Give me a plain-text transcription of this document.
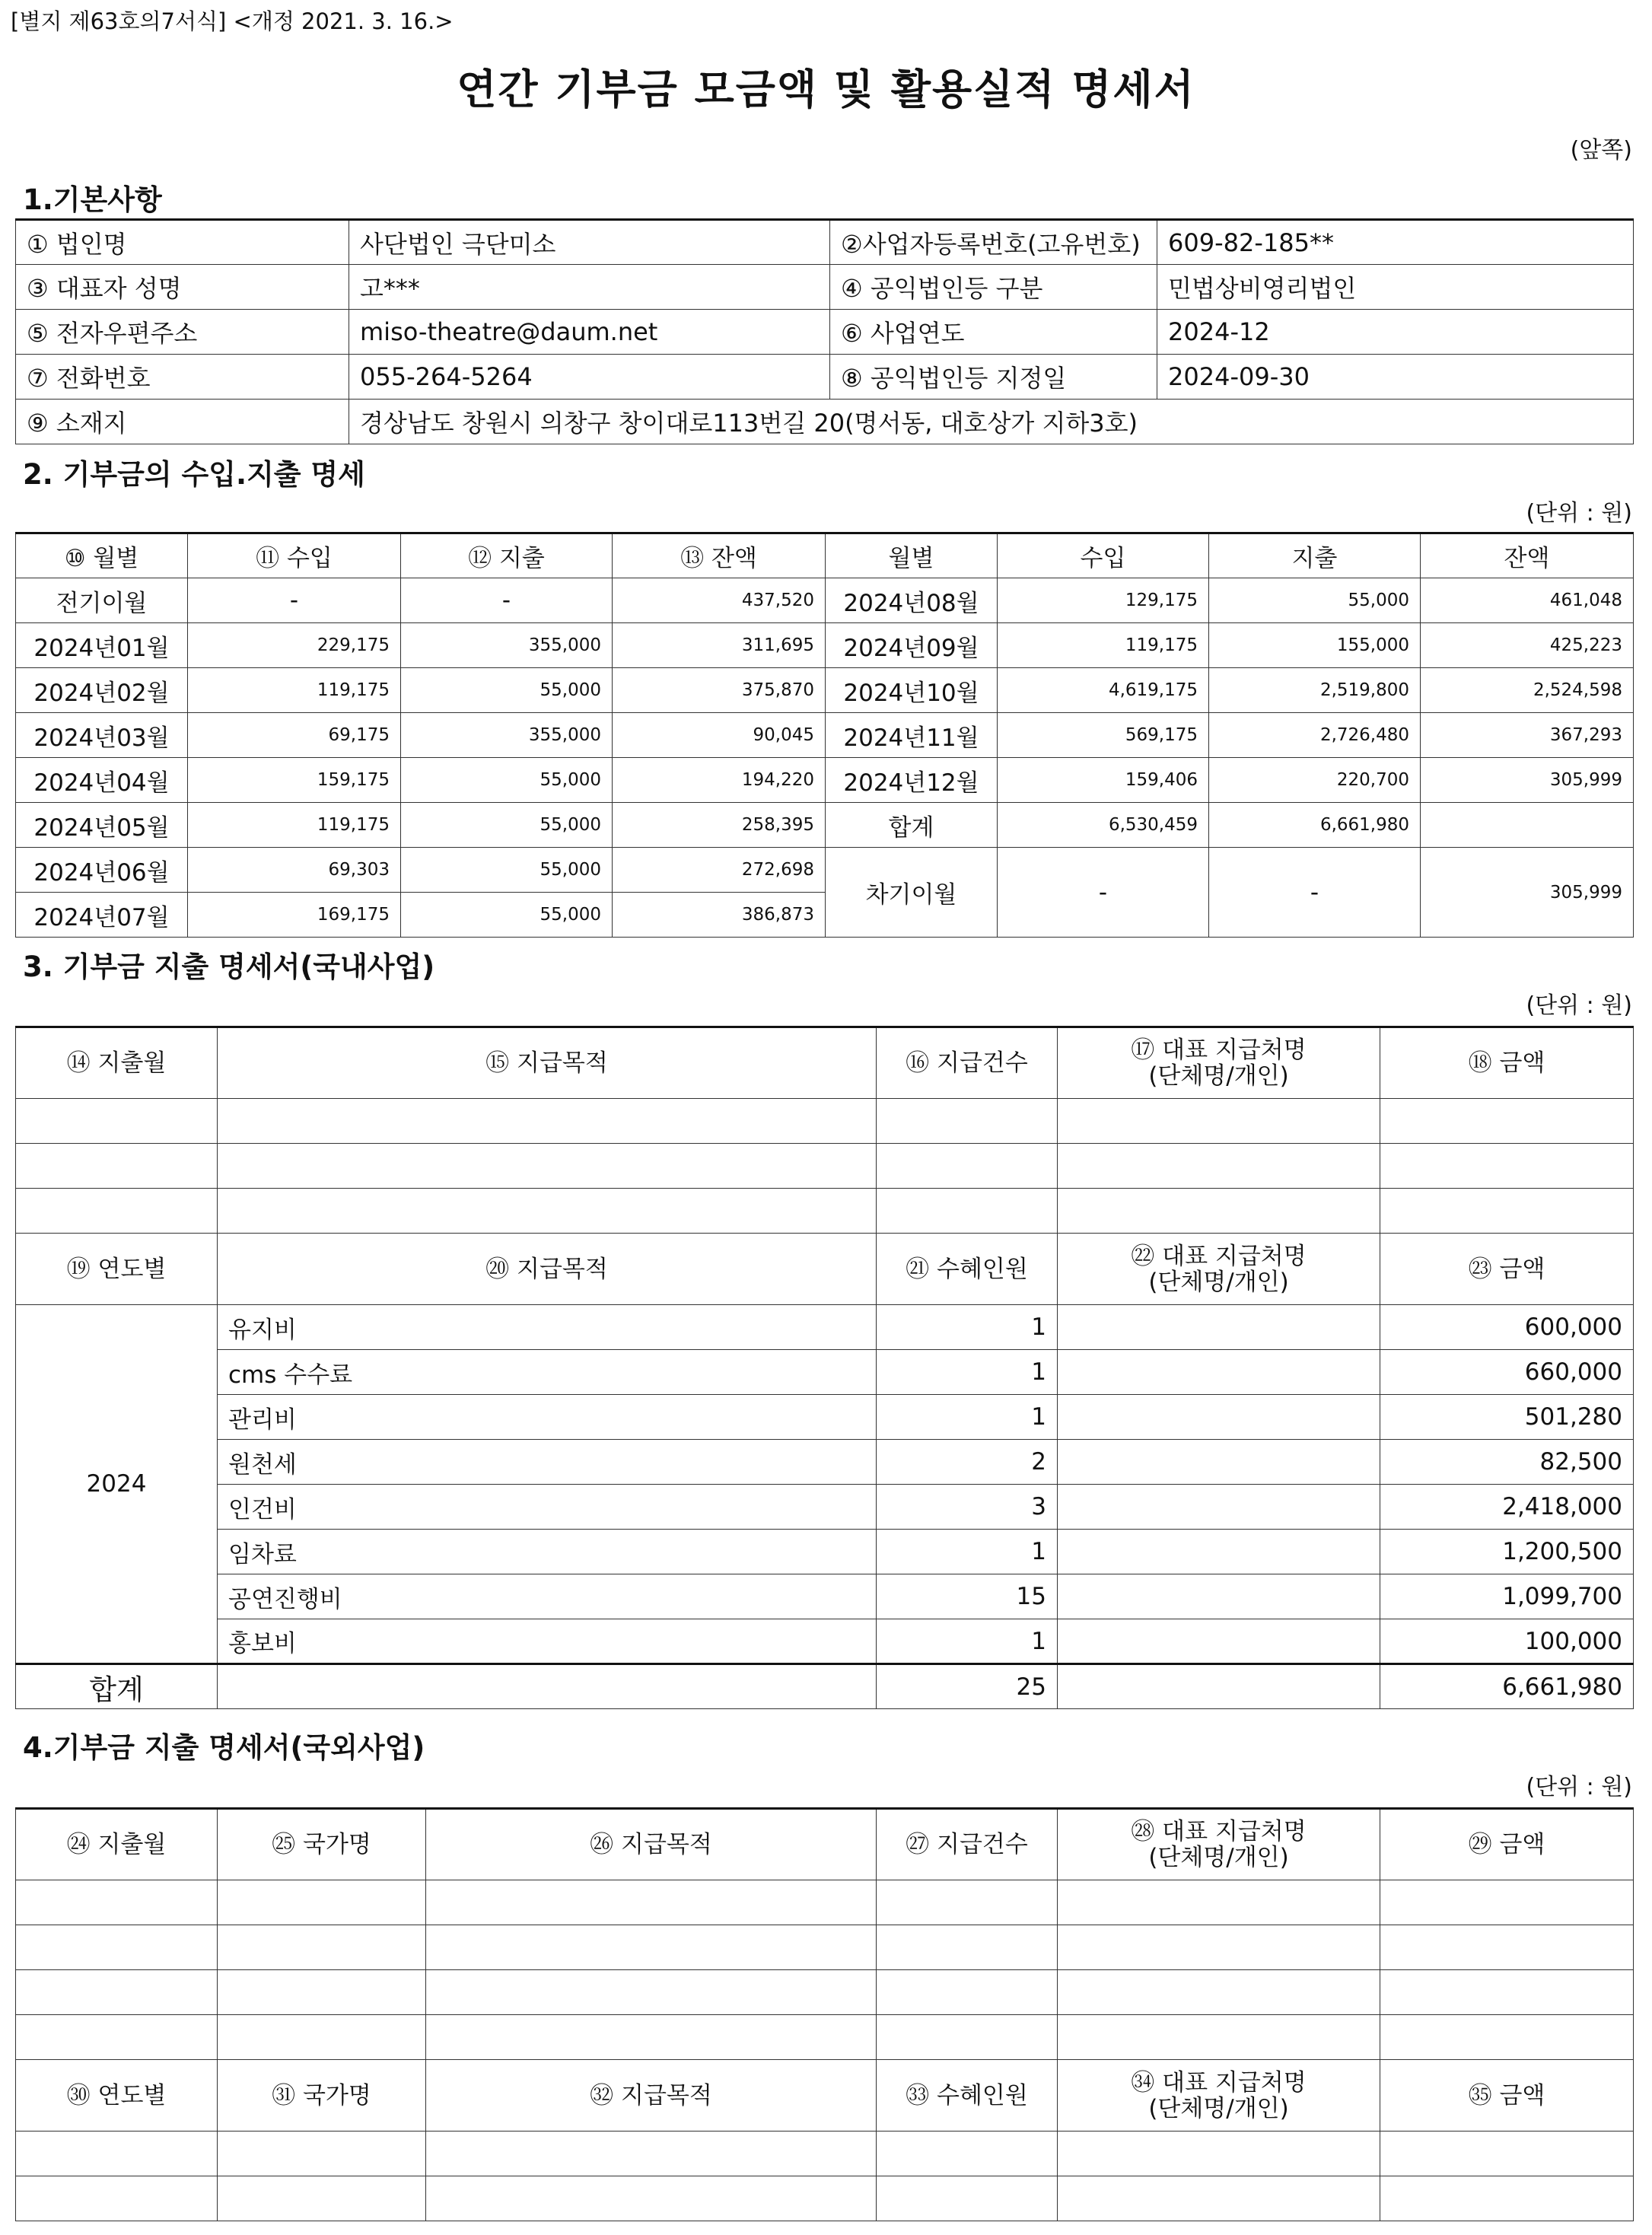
[별지 제63호의7서식] <개정 2021. 3. 16.>
연간 기부금 모금액 및 활용실적 명세서
(앞쪽)
1.기본사항
① 법인명	사단법인 극단미소	②사업자등록번호(고유번호)	609-82-185**
③ 대표자 성명	고***	④ 공익법인등 구분	민법상비영리법인
⑤ 전자우편주소	miso-theatre@daum.net	⑥ 사업연도	2024-12
⑦ 전화번호	055-264-5264	⑧ 공익법인등 지정일	2024-09-30
⑨ 소재지	경상남도 창원시 의창구 창이대로113번길 20(명서동, 대호상가 지하3호)		
2. 기부금의 수입.지출 명세
(단위 : 원)
⑩ 월별	⑪ 수입	⑫ 지출	⑬ 잔액	월별	수입	지출	잔액
전기이월	-	-	437,520	2024년08월	129,175	55,000	461,048
2024년01월	229,175	355,000	311,695	2024년09월	119,175	155,000	425,223
2024년02월	119,175	55,000	375,870	2024년10월	4,619,175	2,519,800	2,524,598
2024년03월	69,175	355,000	90,045	2024년11월	569,175	2,726,480	367,293
2024년04월	159,175	55,000	194,220	2024년12월	159,406	220,700	305,999
2024년05월	119,175	55,000	258,395	합계	6,530,459	6,661,980	
2024년06월	69,303	55,000	272,698	차기이월	-	-	305,999
2024년07월	169,175	55,000	386,873				
3. 기부금 지출 명세서(국내사업)
(단위 : 원)
⑭ 지출월	⑮ 지급목적	⑯ 지급건수	⑰ 대표 지급처명
(단체명/개인)	⑱ 금액

⑲ 연도별	⑳ 지급목적	㉑ 수혜인원	㉒ 대표 지급처명
(단체명/개인)	㉓ 금액
2024	유지비	1		600,000
	cms 수수료	1		660,000
	관리비	1		501,280
	원천세	2		82,500
	인건비	3		2,418,000
	임차료	1		1,200,500
	공연진행비	15		1,099,700
	홍보비	1		100,000
합계		25		6,661,980
4.기부금 지출 명세서(국외사업)
(단위 : 원)
㉔ 지출월	㉕ 국가명	㉖ 지급목적	㉗ 지급건수	㉘ 대표 지급처명
(단체명/개인)	㉙ 금액

㉚ 연도별	㉛ 국가명	㉜ 지급목적	㉝ 수혜인원	㉞ 대표 지급처명
(단체명/개인)	㉟ 금액
